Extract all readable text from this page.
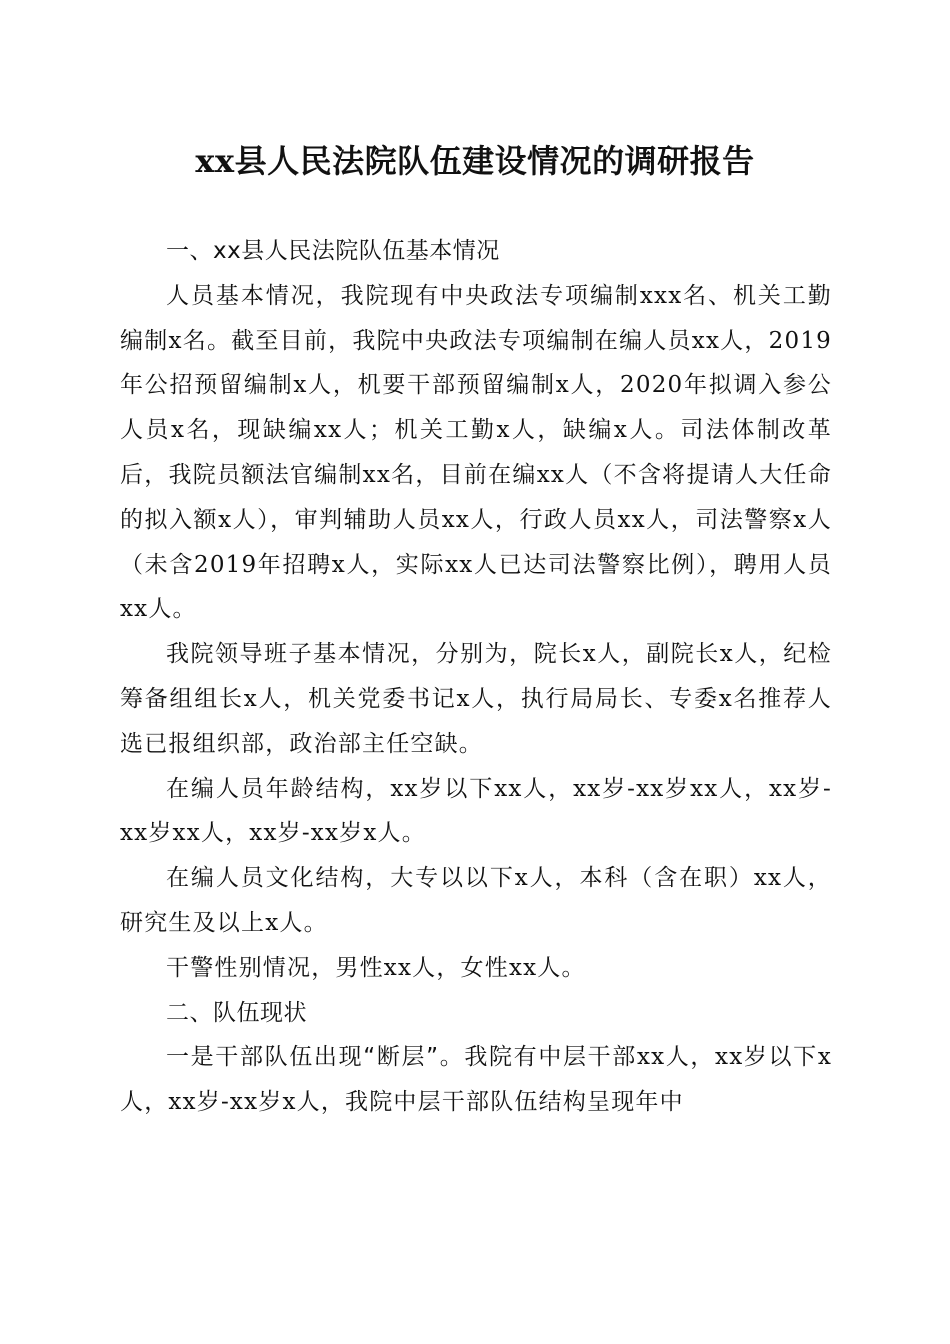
xx县人民法院队伍建设情况的调研报告

一、xx县人民法院队伍基本情况

人员基本情况，我院现有中央政法专项编制xxx名、机关工勤编制x名。截至目前，我院中央政法专项编制在编人员xx人，2019年公招预留编制x人，机要干部预留编制x人，2020年拟调入参公人员x名，现缺编xx人；机关工勤x人，缺编x人。司法体制改革后，我院员额法官编制xx名，目前在编xx人（不含将提请人大任命的拟入额x人），审判辅助人员xx人，行政人员xx人，司法警察x人（未含2019年招聘x人，实际xx人已达司法警察比例），聘用人员xx人。

我院领导班子基本情况，分别为，院长x人，副院长x人，纪检筹备组组长x人，机关党委书记x人，执行局局长、专委x名推荐人选已报组织部，政治部主任空缺。

在编人员年龄结构，xx岁以下xx人，xx岁-xx岁xx人，xx岁-xx岁xx人，xx岁-xx岁x人。

在编人员文化结构，大专以以下x人，本科（含在职）xx人，研究生及以上x人。

干警性别情况，男性xx人，女性xx人。

二、队伍现状

一是干部队伍出现“断层”。我院有中层干部xx人，xx岁以下x人，xx岁-xx岁x人，我院中层干部队伍结构呈现年中
